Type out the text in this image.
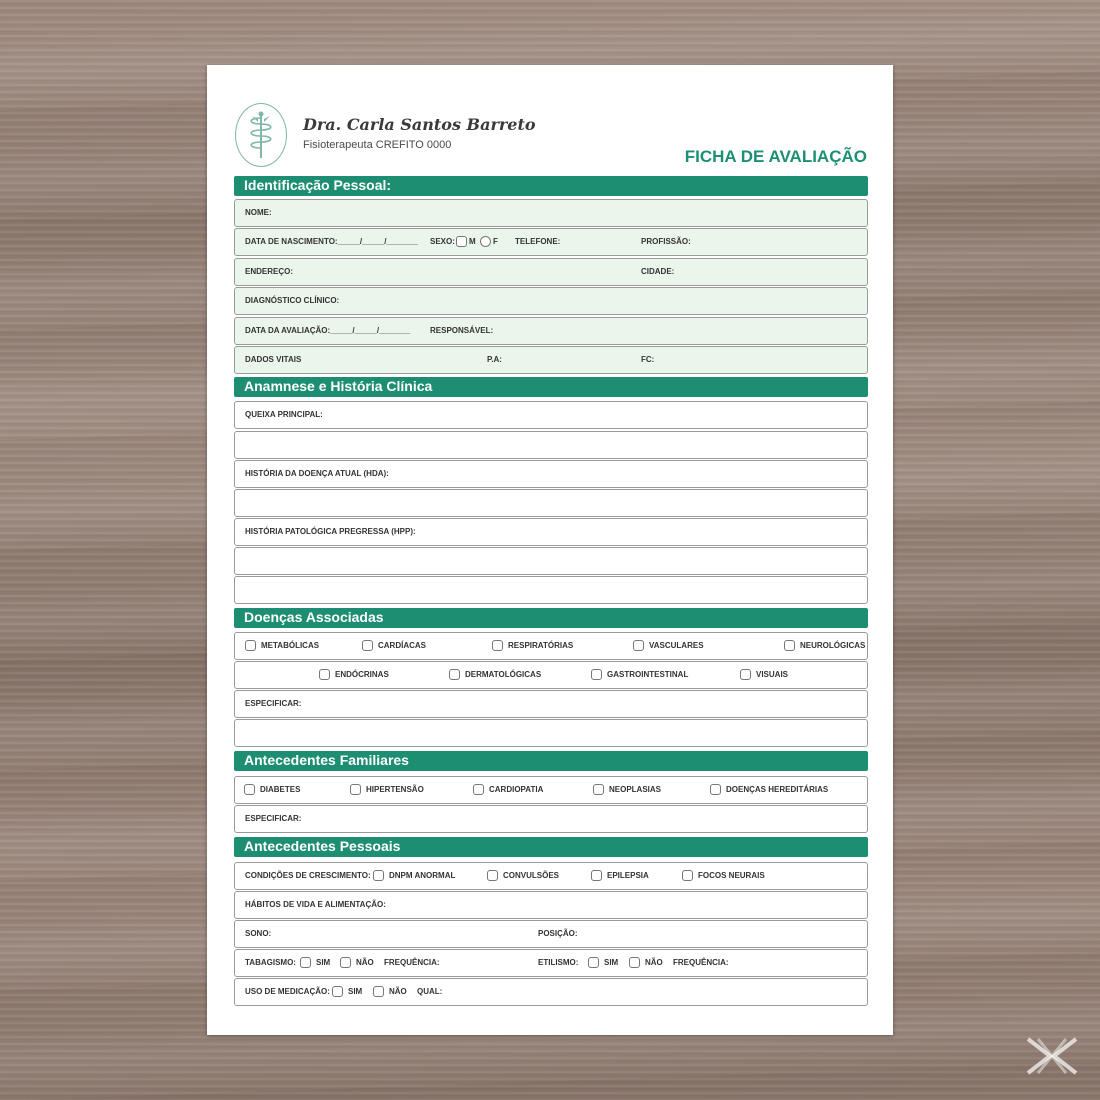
Dra. Carla Santos Barreto
Fisioterapeuta CREFITO 0000
FICHA DE AVALIAÇÃO
Identificação Pessoal:
NOME:
DATA DE NASCIMENTO:_____/_____/_______ SEXO: M F TELEFONE:	PROFISSÃO:
ENDEREÇO:	CIDADE:
DIAGNÓSTICO CLÍNICO:
DATA DA AVALIAÇÃO:_____/_____/_______ RESPONSÁVEL:
DADOS VITAIS	P.A:	FC:
Anamnese e História Clínica
QUEIXA PRINCIPAL:
HISTÓRIA DA DOENÇA ATUAL (HDA):
HISTÓRIA PATOLÓGICA PREGRESSA (HPP):
Doenças Associadas
METABÓLICAS	CARDÍACAS	RESPIRATÓRIAS	VASCULARES	NEUROLÓGICAS
ENDÓCRINAS	DERMATOLÓGICAS	GASTROINTESTINAL	VISUAIS
ESPECIFICAR:
Antecedentes Familiares
DIABETES	HIPERTENSÃO	CARDIOPATIA	NEOPLASIAS	DOENÇAS HEREDITÁRIAS
ESPECIFICAR:
Antecedentes Pessoais
CONDIÇÕES DE CRESCIMENTO: DNPM ANORMAL	CONVULSÕES	EPILEPSIA	FOCOS NEURAIS
HÁBITOS DE VIDA E ALIMENTAÇÃO:
SONO:	POSIÇÃO:
TABAGISMO:	SIM	NÃO FREQUÊNCIA:	ETILISMO:	SIM	NÃO FREQUÊNCIA:
USO DE MEDICAÇÃO: SIM	NÃO QUAL:
